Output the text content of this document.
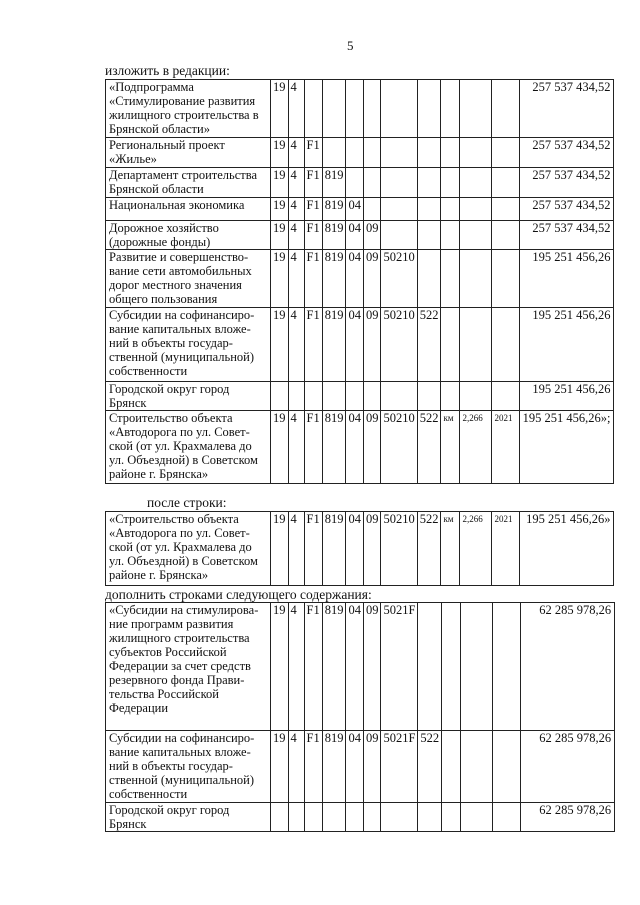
5
изложить в редакции:
«Подпрограмма «Стимулирование развития жилищного строительства в Брянской области»	19	4										257 537 434,52
Региональный проект «Жилье»	19	4	F1									257 537 434,52
Департамент строительства Брянской области	19	4	F1	819								257 537 434,52
Национальная экономика	19	4	F1	819	04							257 537 434,52
Дорожное хозяйство (дорожные фонды)	19	4	F1	819	04	09						257 537 434,52
Развитие и совершенство- вание сети автомобильных дорог местного значения общего пользования	19	4	F1	819	04	09	50210					195 251 456,26
Субсидии на софинансиро- вание капитальных вложе- ний в объекты государ- ственной (муниципальной) собственности	19	4	F1	819	04	09	50210	522				195 251 456,26
Городской округ город Брянск												195 251 456,26
Строительство объекта «Автодорога по ул. Совет- ской (от ул. Крахмалева до ул. Объездной) в Советском районе г. Брянска»	19	4	F1	819	04	09	50210	522	км	2,266	2021	195 251 456,26»;
после строки:
«Строительство объекта «Автодорога по ул. Совет- ской (от ул. Крахмалева до ул. Объездной) в Советском районе г. Брянска»	19	4	F1	819	04	09	50210	522	км	2,266	2021	195 251 456,26»
дополнить строками следующего содержания:
«Субсидии на стимулирова- ние программ развития жилищного строительства субъектов Российской Федерации за счет средств резервного фонда Прави- тельства Российской Федерации	19	4	F1	819	04	09	5021F					62 285 978,26
Субсидии на софинансиро- вание капитальных вложе- ний в объекты государ- ственной (муниципальной) собственности	19	4	F1	819	04	09	5021F	522				62 285 978,26
Городской округ город Брянск												62 285 978,26
